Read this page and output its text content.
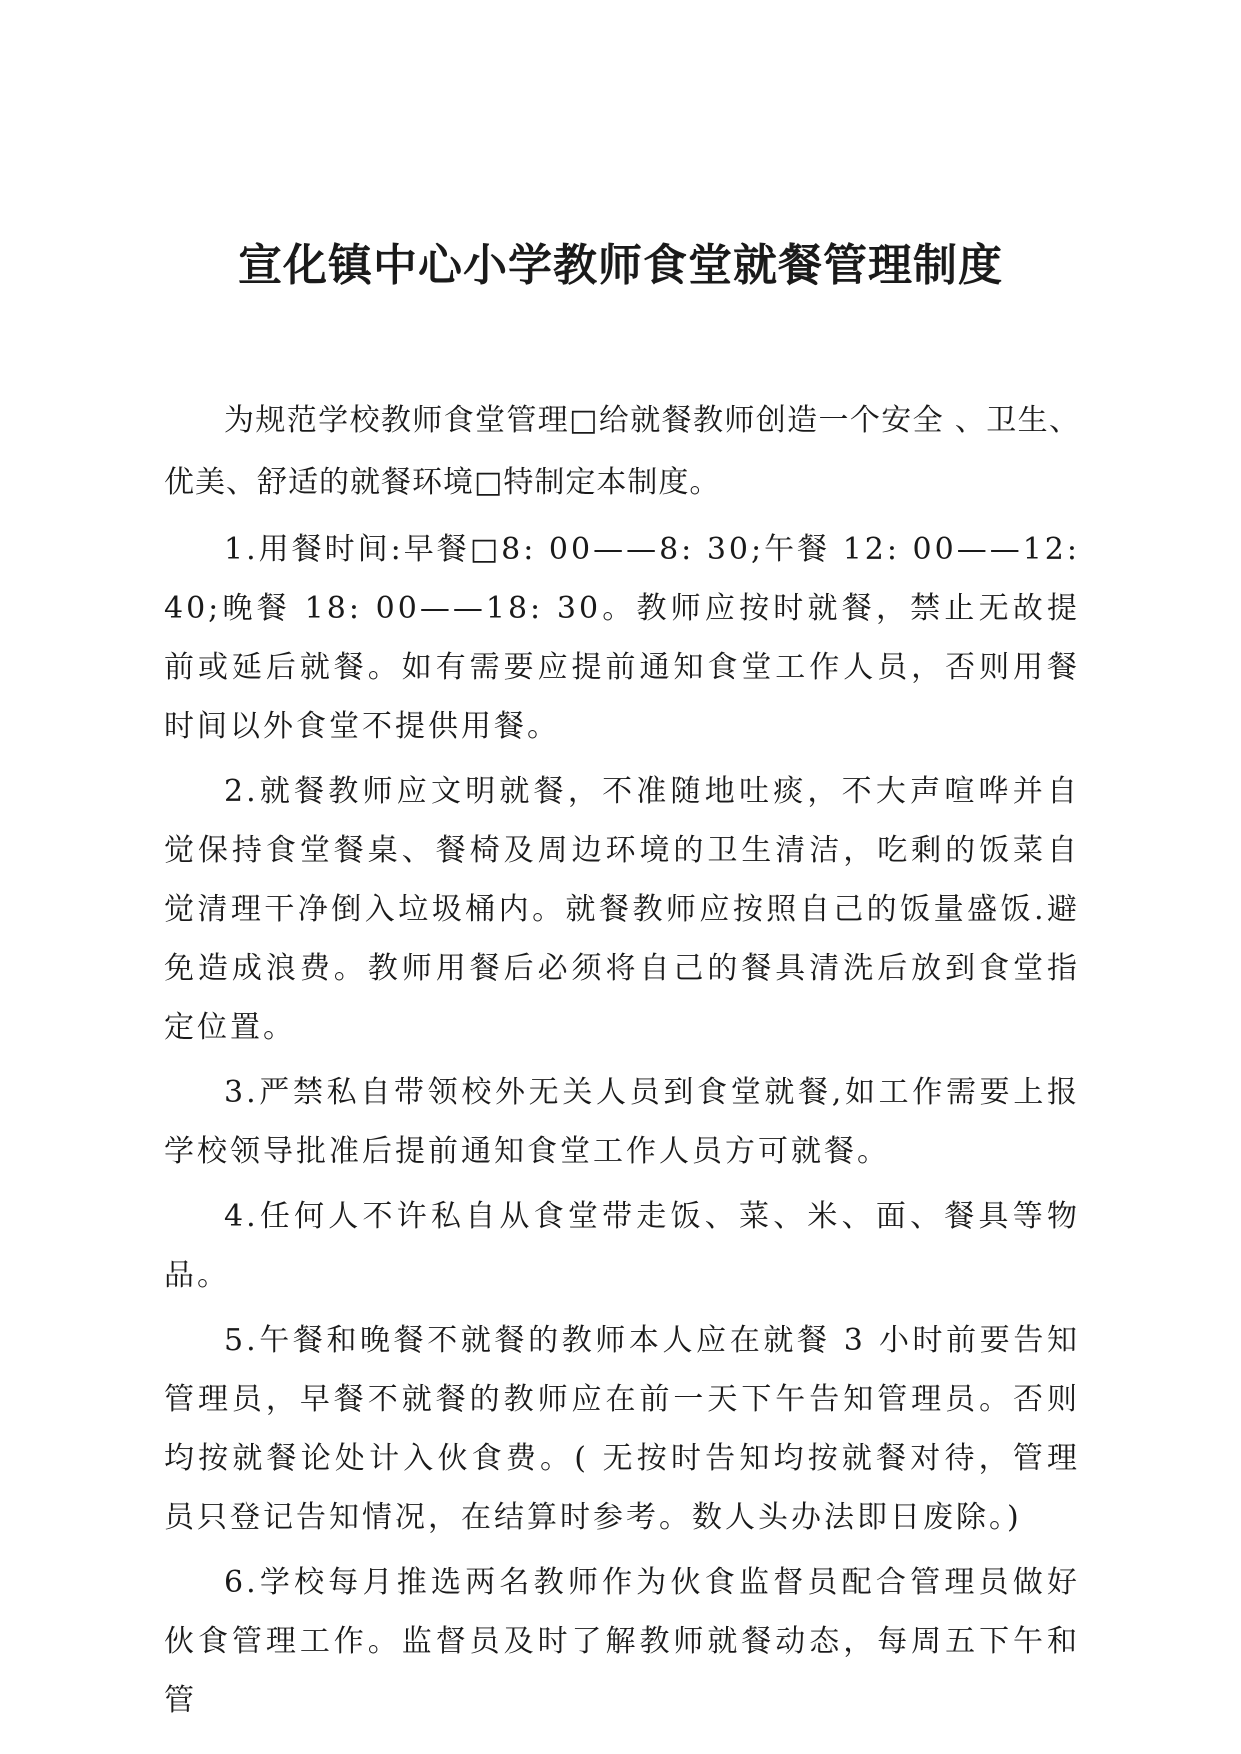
宣化镇中心小学教师食堂就餐管理制度

为规范学校教师食堂管理□给就餐教师创造一个安全 、卫生、优美、舒适的就餐环境□特制定本制度。

1.用餐时间:早餐□8: 00——8: 30;午餐 12: 00——12: 40;晚餐 18: 00——18: 30。教师应按时就餐，禁止无故提前或延后就餐。如有需要应提前通知食堂工作人员，否则用餐时间以外食堂不提供用餐。

2.就餐教师应文明就餐，不准随地吐痰，不大声喧哗并自觉保持食堂餐桌、餐椅及周边环境的卫生清洁，吃剩的饭菜自觉清理干净倒入垃圾桶内。就餐教师应按照自己的饭量盛饭.避免造成浪费。教师用餐后必须将自己的餐具清洗后放到食堂指定位置。

3.严禁私自带领校外无关人员到食堂就餐,如工作需要上报学校领导批准后提前通知食堂工作人员方可就餐。

4.任何人不许私自从食堂带走饭、菜、米、面、餐具等物品。

5.午餐和晚餐不就餐的教师本人应在就餐 3 小时前要告知管理员，早餐不就餐的教师应在前一天下午告知管理员。否则均按就餐论处计入伙食费。( 无按时告知均按就餐对待，管理员只登记告知情况，在结算时参考。数人头办法即日废除。)

6.学校每月推选两名教师作为伙食监督员配合管理员做好伙食管理工作。监督员及时了解教师就餐动态，每周五下午和管
